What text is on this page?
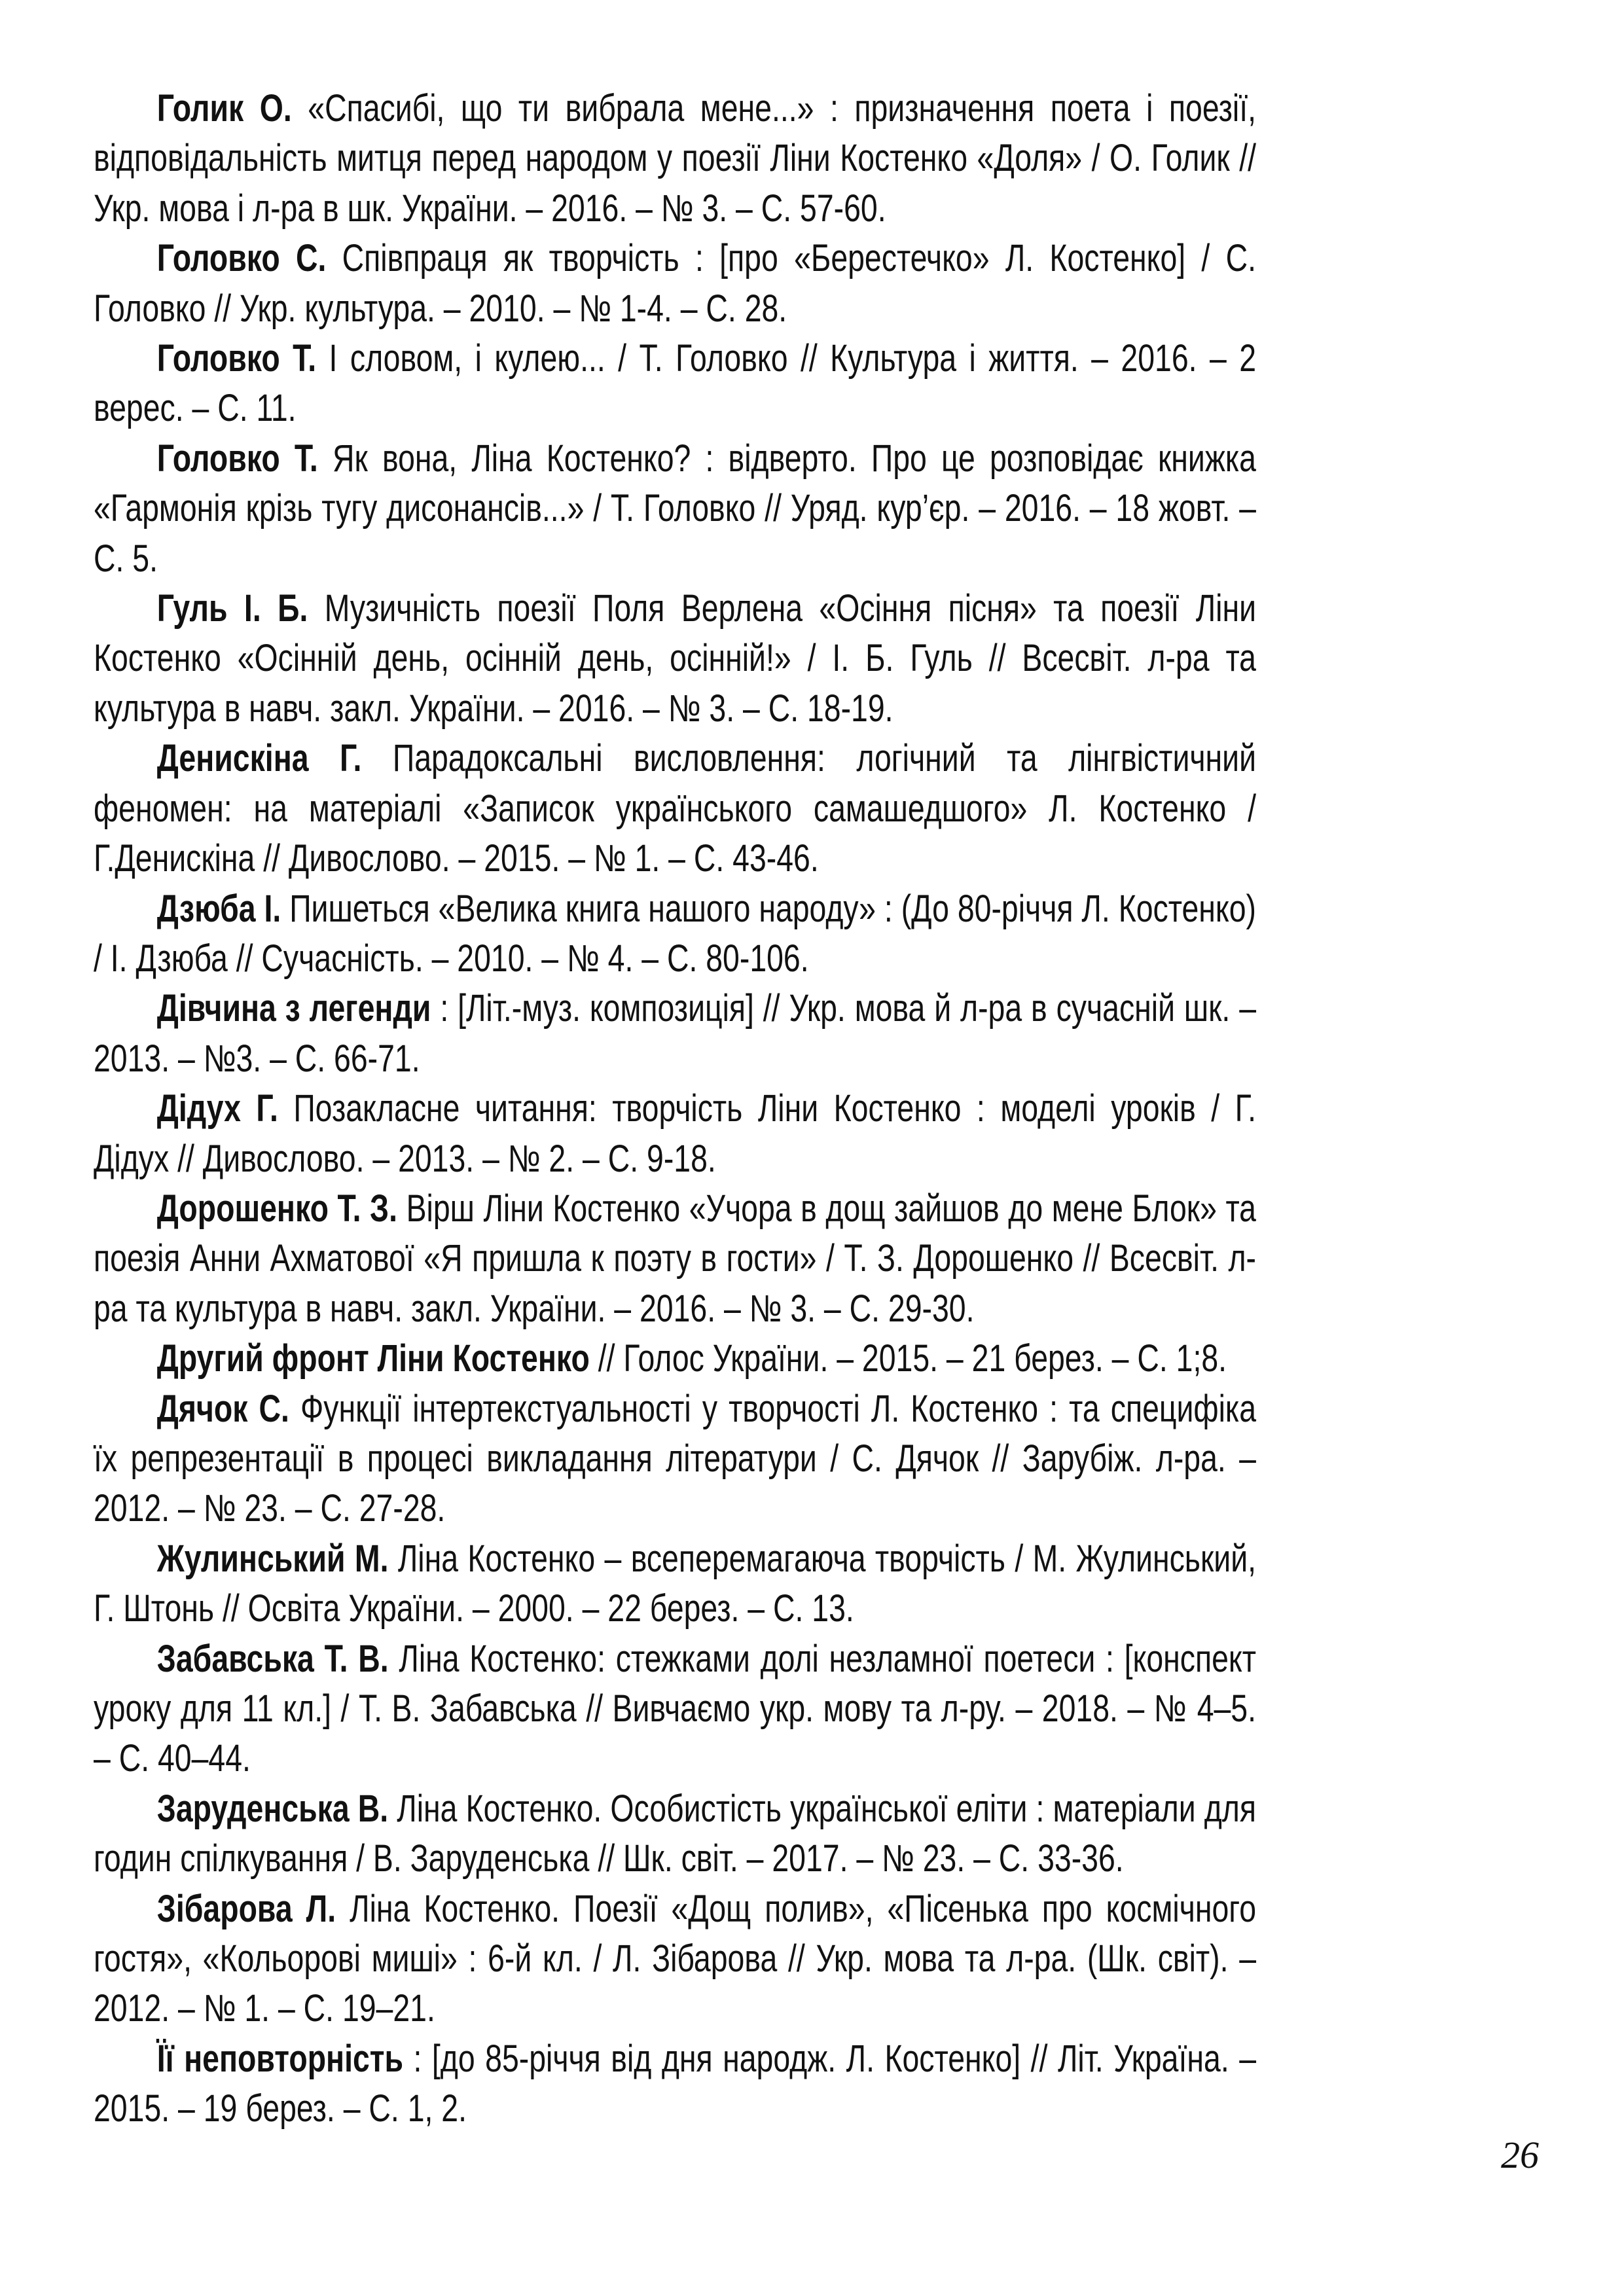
Голик О. «Спасибі, що ти вибрала мене...» : призначення поета і поезії, відповідальність митця перед народом у поезії Ліни Костенко «Доля» / О. Голик // Укр. мова і л-ра в шк. України. – 2016. – № 3. – С. 57-60.

Головко С. Співпраця як творчість : [про «Берестечко» Л. Костенко] / С. Головко // Укр. культура. – 2010. – № 1-4. – С. 28.

Головко Т. І словом, і кулею... / Т. Головко // Культура і життя. – 2016. – 2 верес. – С. 11.

Головко Т. Як вона, Ліна Костенко? : відверто. Про це розповідає книжка «Гармонія крізь тугу дисонансів...» / Т. Головко // Уряд. кур’єр. – 2016. – 18 жовт. – С. 5.

Гуль І. Б. Музичність поезії Поля Верлена «Осіння пісня» та поезії Ліни Костенко «Осінній день, осінній день, осінній!» / І. Б. Гуль // Всесвіт. л-ра та культура в навч. закл. України. – 2016. – № 3. – С. 18-19.

Денискіна Г. Парадоксальні висловлення: логічний та лінгвістичний феномен: на матеріалі «Записок українського самашедшого» Л. Костенко / Г.Денискіна // Дивослово. – 2015. – № 1. – С. 43-46.

Дзюба І. Пишеться «Велика книга нашого народу» : (До 80-річчя Л. Костенко) / І. Дзюба // Сучасність. – 2010. – № 4. – С. 80-106.

Дівчина з легенди : [Літ.-муз. композиція] // Укр. мова й л-ра в сучасній шк. – 2013. – №3. – С. 66-71.

Дідух Г. Позакласне читання: творчість Ліни Костенко : моделі уроків / Г. Дідух // Дивослово. – 2013. – № 2. – С. 9-18.

Дорошенко Т. З. Вірш Ліни Костенко «Учора в дощ зайшов до мене Блок» та поезія Анни Ахматової «Я пришла к поэту в гости» / Т. З. Дорошенко // Всесвіт. л-ра та культура в навч. закл. України. – 2016. – № 3. – С. 29-30.

Другий фронт Ліни Костенко // Голос України. – 2015. – 21 берез. – С. 1;8.

Дячок С. Функції інтертекстуальності у творчості Л. Костенко : та специфіка їх репрезентації в процесі викладання літератури / С. Дячок // Зарубіж. л-ра. – 2012. – № 23. – С. 27-28.

Жулинський М. Ліна Костенко – всеперемагаюча творчість / М. Жулинський, Г. Штонь // Освіта України. – 2000. – 22 берез. – С. 13.

Забавська Т. В. Ліна Костенко: стежками долі незламної поетеси : [конспект уроку для 11 кл.] / Т. В. Забавська // Вивчаємо укр. мову та л-ру. – 2018. – № 4–5. – С. 40–44.

Заруденська В. Ліна Костенко. Особистість української еліти : матеріали для годин спілкування / В. Заруденська // Шк. світ. – 2017. – № 23. – С. 33-36.

Зібарова Л. Ліна Костенко. Поезії «Дощ полив», «Пісенька про космічного гостя», «Кольорові миші» : 6-й кл. / Л. Зібарова // Укр. мова та л-ра. (Шк. світ). – 2012. – № 1. – С. 19–21.

Її неповторність : [до 85-річчя від дня народж. Л. Костенко] // Літ. Україна. – 2015. – 19 берез. – С. 1, 2.

26
